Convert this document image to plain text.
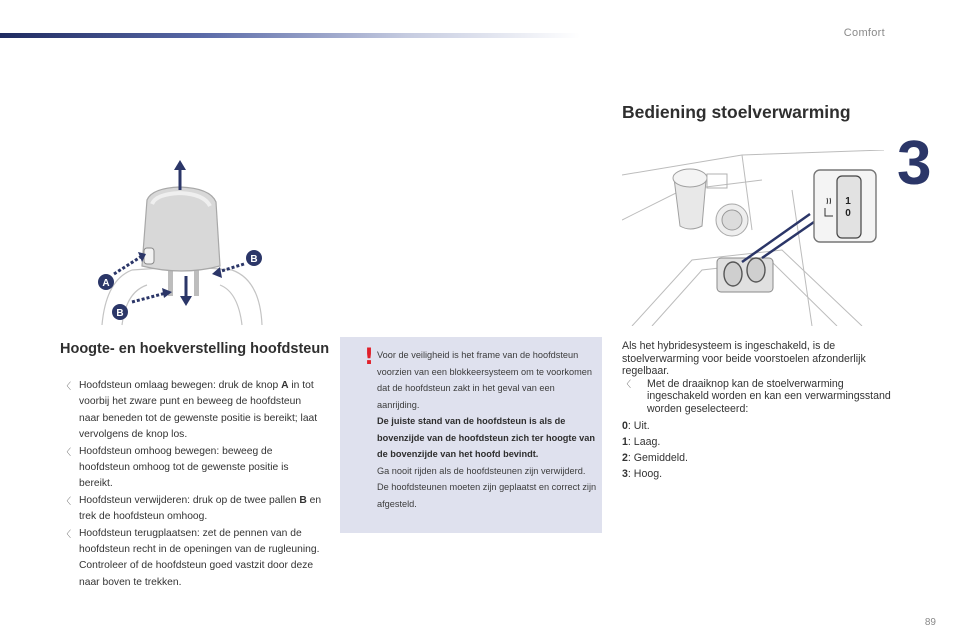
Comfort
3
A
B
B
1
0
Hoogte- en hoekverstelling hoofdsteun
〈 Hoofdsteun omlaag bewegen: druk de knop A in tot voorbij het zware punt en beweeg de hoofdsteun naar beneden tot de gewenste positie is bereikt; laat vervolgens de knop los.
〈 Hoofdsteun omhoog bewegen: beweeg de hoofdsteun omhoog tot de gewenste positie is bereikt.
〈 Hoofdsteun verwijderen: druk op de twee pallen B en trek de hoofdsteun omhoog.
〈 Hoofdsteun terugplaatsen: zet de pennen van de hoofdsteun recht in de openingen van de rugleuning. Controleer of de hoofdsteun goed vastzit door deze naar boven te trekken.
! Voor de veiligheid is het frame van de hoofdsteun voorzien van een blokkeersysteem om te voorkomen dat de hoofdsteun zakt in het geval van een aanrijding.

De juiste stand van de hoofdsteun is als de bovenzijde van de hoofdsteun zich ter hoogte van de bovenzijde van het hoofd bevindt.

Ga nooit rijden als de hoofdsteunen zijn verwijderd. De hoofdsteunen moeten zijn geplaatst en correct zijn afgesteld.

Bediening stoelverwarming

Als het hybridesysteem is ingeschakeld, is de stoelverwarming voor beide voorstoelen afzonderlijk regelbaar.

〈 Met de draaiknop kan de stoelverwarming ingeschakeld worden en kan een verwarmingsstand worden geselecteerd:

0: Uit.
1: Laag.
2: Gemiddeld.
3: Hoog.
89
